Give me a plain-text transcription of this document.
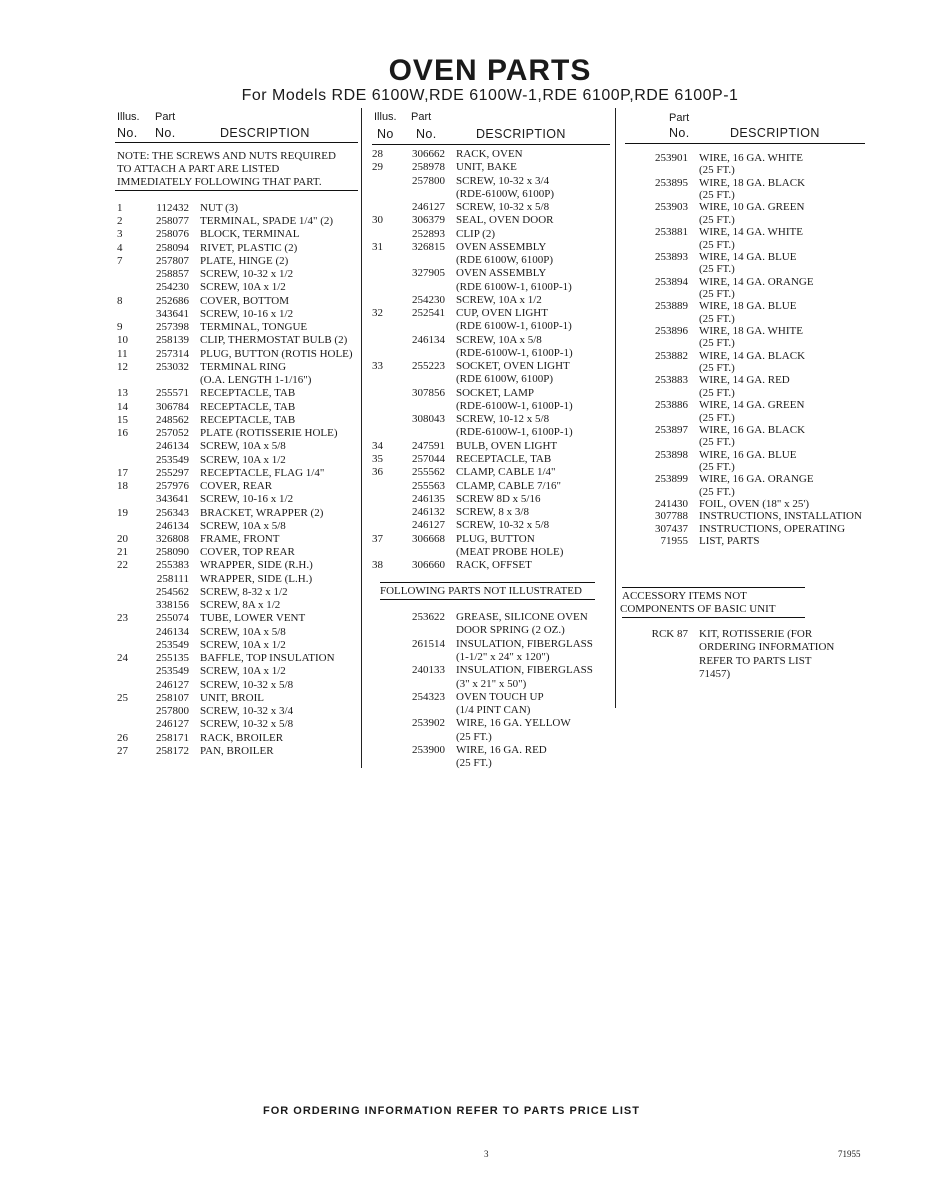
OVEN PARTS
For Models RDE 6100W,RDE 6100W-1,RDE 6100P,RDE 6100P-1
Illus. Part
No. No.	DESCRIPTION
NOTE: THE SCREWS AND NUTS REQUIRED
TO ATTACH A PART ARE LISTED
IMMEDIATELY FOLLOWING THAT PART.
1	112432	NUT (3)
2	258077	TERMINAL, SPADE 1/4" (2)
3	258076	BLOCK, TERMINAL
4	258094	RIVET, PLASTIC (2)
7	257807	PLATE, HINGE (2)
258857	SCREW, 10-32 x 1/2
254230	SCREW, 10A x 1/2
8	252686	COVER, BOTTOM
343641	SCREW, 10-16 x 1/2
9	257398	TERMINAL, TONGUE
10	258139	CLIP, THERMOSTAT BULB (2)
11	257314	PLUG, BUTTON (ROTIS HOLE)
12	253032	TERMINAL RING
(O.A. LENGTH 1-1/16")
13	255571	RECEPTACLE, TAB
14	306784	RECEPTACLE, TAB
15	248562	RECEPTACLE, TAB
16	257052	PLATE (ROTISSERIE HOLE)
246134	SCREW, 10A x 5/8
253549	SCREW, 10A x 1/2
17	255297	RECEPTACLE, FLAG 1/4"
18	257976	COVER, REAR
343641	SCREW, 10-16 x 1/2
19	256343	BRACKET, WRAPPER (2)
246134	SCREW, 10A x 5/8
20	326808	FRAME, FRONT
21	258090	COVER, TOP REAR
22	255383	WRAPPER, SIDE (R.H.)
258111	WRAPPER, SIDE (L.H.)
254562	SCREW, 8-32 x 1/2
338156	SCREW, 8A x 1/2
23	255074	TUBE, LOWER VENT
246134	SCREW, 10A x 5/8
253549	SCREW, 10A x 1/2
24	255135	BAFFLE, TOP INSULATION
253549	SCREW, 10A x 1/2
246127	SCREW, 10-32 x 5/8
25	258107	UNIT, BROIL
257800	SCREW, 10-32 x 3/4
246127	SCREW, 10-32 x 5/8
26	258171	RACK, BROILER
27	258172	PAN, BROILER
Illus. Part
No No.	DESCRIPTION
28	306662	RACK, OVEN
29	258978	UNIT, BAKE
257800	SCREW, 10-32 x 3/4
(RDE-6100W, 6100P)
246127	SCREW, 10-32 x 5/8
30	306379	SEAL, OVEN DOOR
252893	CLIP (2)
31	326815	OVEN ASSEMBLY
(RDE 6100W, 6100P)
327905	OVEN ASSEMBLY
(RDE 6100W-1, 6100P-1)
254230	SCREW, 10A x 1/2
32	252541	CUP, OVEN LIGHT
(RDE 6100W-1, 6100P-1)
246134	SCREW, 10A x 5/8
(RDE-6100W-1, 6100P-1)
33	255223	SOCKET, OVEN LIGHT
(RDE 6100W, 6100P)
307856	SOCKET, LAMP
(RDE-6100W-1, 6100P-1)
308043	SCREW, 10-12 x 5/8
(RDE-6100W-1, 6100P-1)
34	247591	BULB, OVEN LIGHT
35	257044	RECEPTACLE, TAB
36	255562	CLAMP, CABLE 1/4"
255563	CLAMP, CABLE 7/16"
246135	SCREW 8D x 5/16
246132	SCREW, 8 x 3/8
246127	SCREW, 10-32 x 5/8
37	306668	PLUG, BUTTON
(MEAT PROBE HOLE)
38	306660	RACK, OFFSET
FOLLOWING PARTS NOT ILLUSTRATED
253622	GREASE, SILICONE OVEN
DOOR SPRING (2 OZ.)
261514	INSULATION, FIBERGLASS
(1-1/2" x 24" x 120")
240133	INSULATION, FIBERGLASS
(3" x 21" x 50")
254323	OVEN TOUCH UP
(1/4 PINT CAN)
253902	WIRE, 16 GA. YELLOW
(25 FT.)
253900	WIRE, 16 GA. RED
(25 FT.)
Part
No.	DESCRIPTION
253901	WIRE, 16 GA. WHITE
(25 FT.)
253895	WIRE, 18 GA. BLACK
(25 FT.)
253903	WIRE, 10 GA. GREEN
(25 FT.)
253881	WIRE, 14 GA. WHITE
(25 FT.)
253893	WIRE, 14 GA. BLUE
(25 FT.)
253894	WIRE, 14 GA. ORANGE
(25 FT.)
253889	WIRE, 18 GA. BLUE
(25 FT.)
253896	WIRE, 18 GA. WHITE
(25 FT.)
253882	WIRE, 14 GA. BLACK
(25 FT.)
253883	WIRE, 14 GA. RED
(25 FT.)
253886	WIRE, 14 GA. GREEN
(25 FT.)
253897	WIRE, 16 GA. BLACK
(25 FT.)
253898	WIRE, 16 GA. BLUE
(25 FT.)
253899	WIRE, 16 GA. ORANGE
(25 FT.)
241430	FOIL, OVEN (18" x 25')
307788	INSTRUCTIONS, INSTALLATION
307437	INSTRUCTIONS, OPERATING
71955	LIST, PARTS
ACCESSORY ITEMS NOT
COMPONENTS OF BASIC UNIT
RCK 87	KIT, ROTISSERIE (FOR
ORDERING INFORMATION
REFER TO PARTS LIST
71457)
FOR ORDERING INFORMATION REFER TO PARTS PRICE LIST
3	71955
